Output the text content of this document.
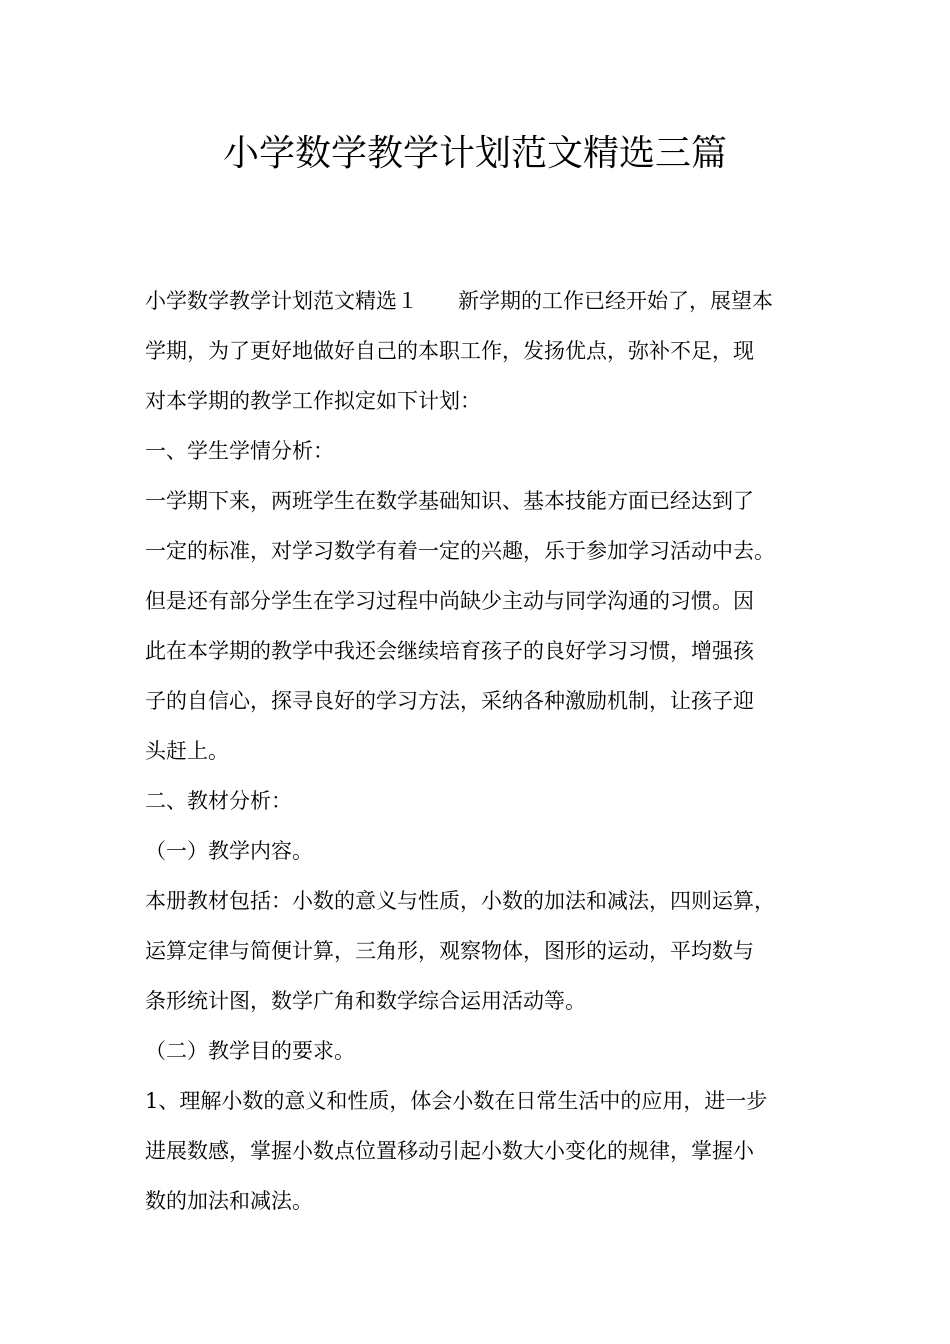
小学数学教学计划范文精选三篇
小学数学教学计划范文精选１ 新学期的工作已经开始了，展望本
学期，为了更好地做好自己的本职工作，发扬优点，弥补不足，现
对本学期的教学工作拟定如下计划：
一、学生学情分析：
一学期下来，两班学生在数学基础知识、基本技能方面已经达到了
一定的标准，对学习数学有着一定的兴趣，乐于参加学习活动中去。
但是还有部分学生在学习过程中尚缺少主动与同学沟通的习惯。因
此在本学期的教学中我还会继续培育孩子的良好学习习惯，增强孩
子的自信心，探寻良好的学习方法，采纳各种激励机制，让孩子迎
头赶上。
二、教材分析：
（一）教学内容。
本册教材包括：小数的意义与性质，小数的加法和减法，四则运算，
运算定律与简便计算，三角形，观察物体，图形的运动，平均数与
条形统计图，数学广角和数学综合运用活动等。
（二）教学目的要求。
1、理解小数的意义和性质，体会小数在日常生活中的应用，进一步
进展数感，掌握小数点位置移动引起小数大小变化的规律，掌握小
数的加法和减法。
